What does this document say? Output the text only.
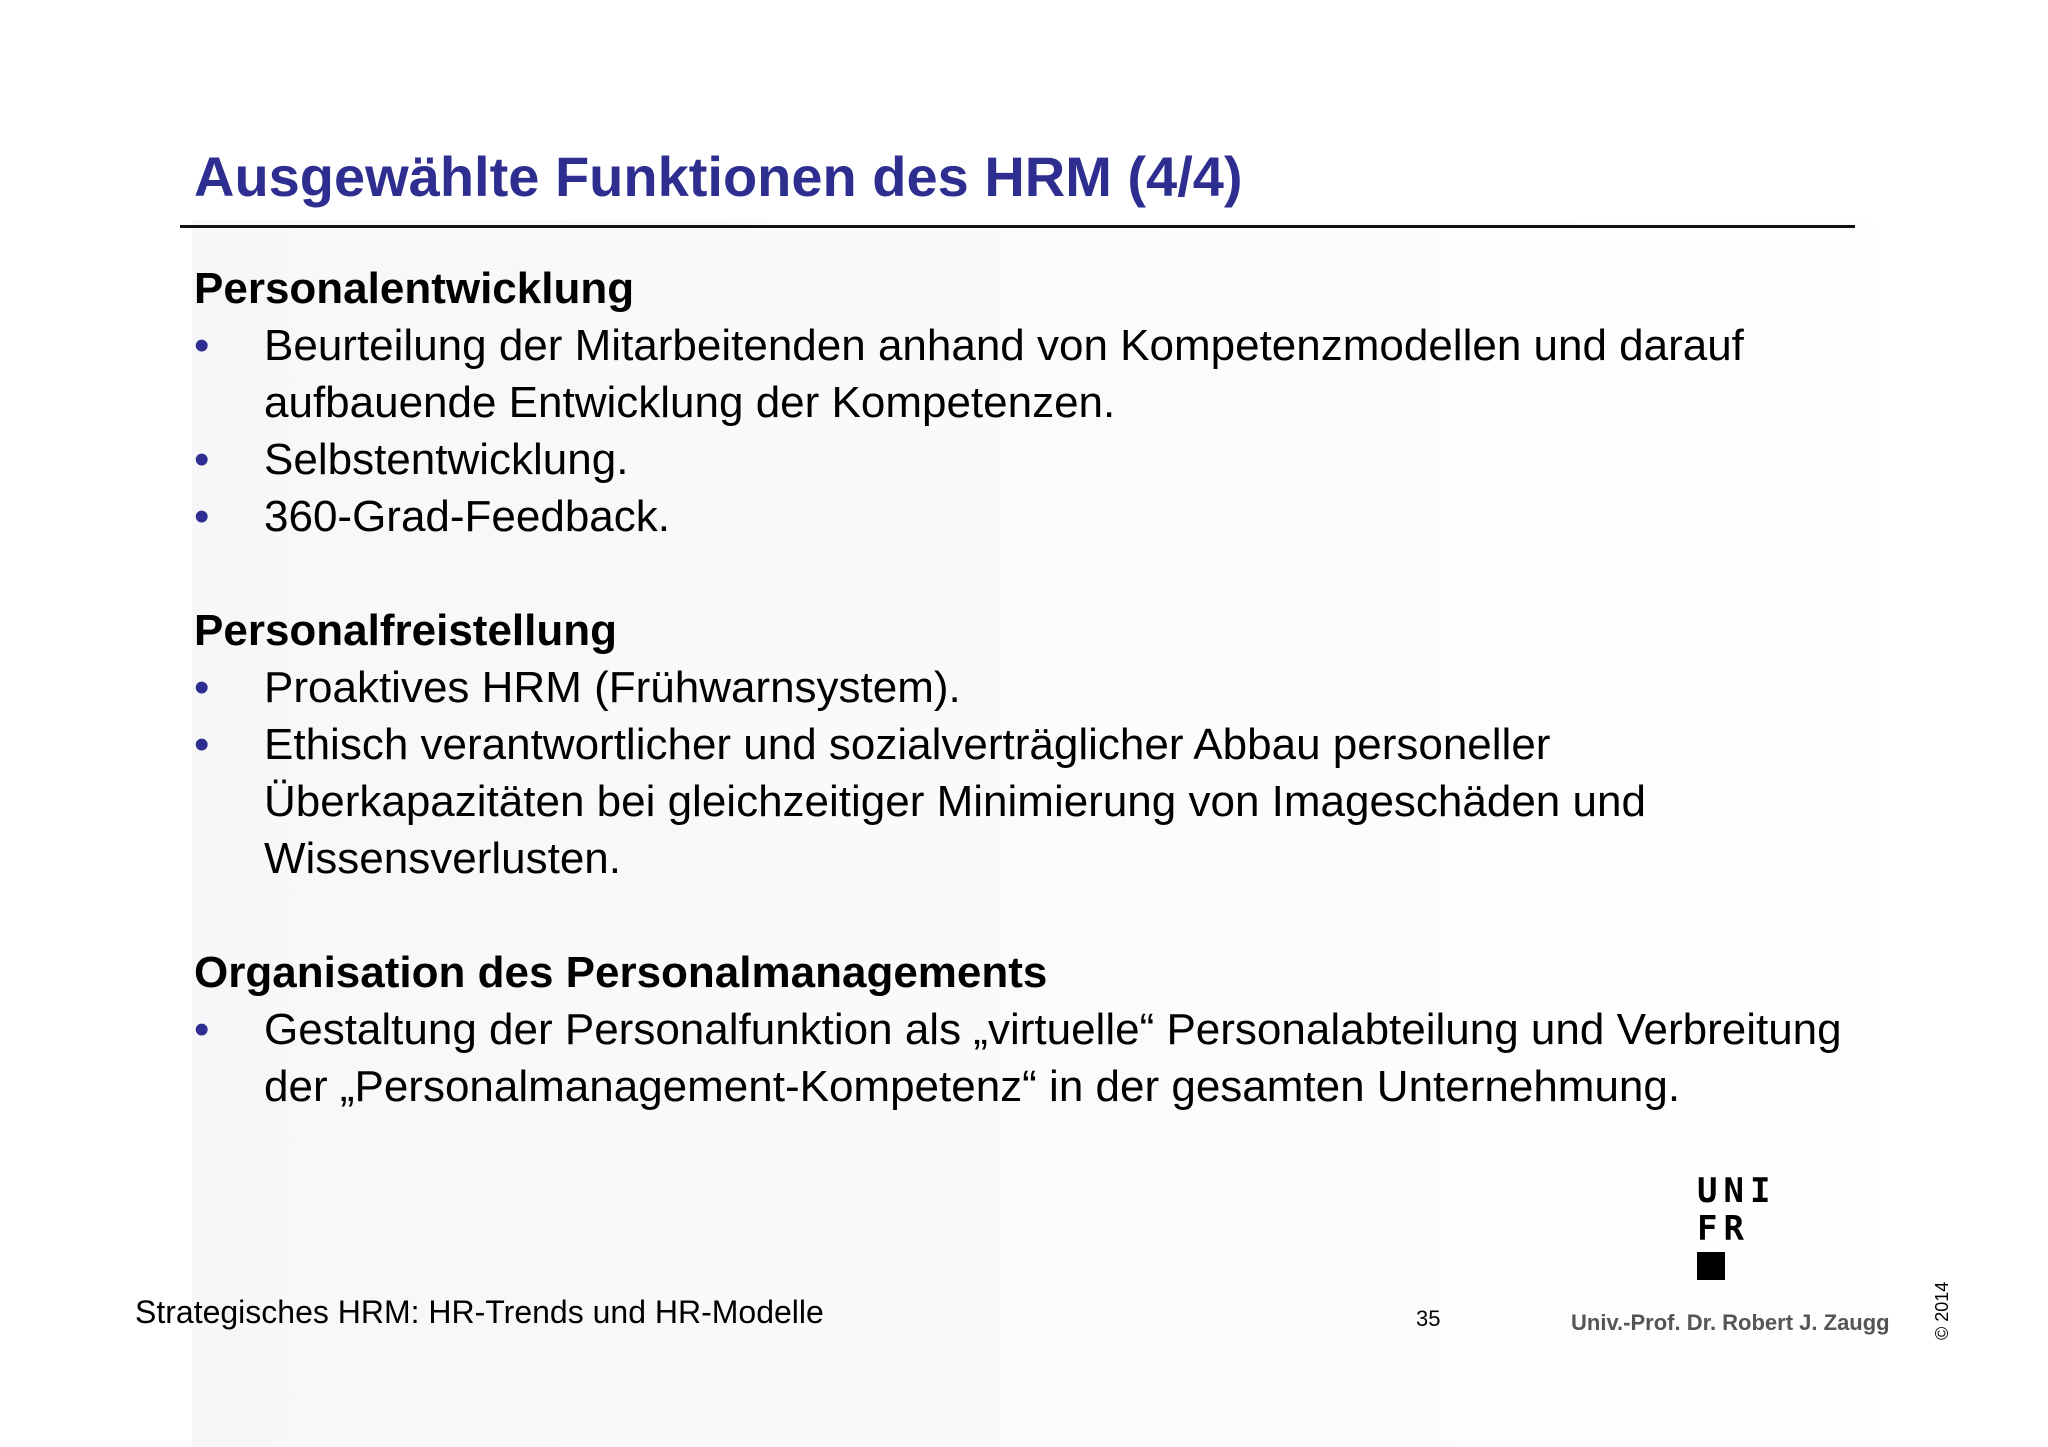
Ausgewählte Funktionen des HRM (4/4)
Personalentwicklung
• Beurteilung der Mitarbeitenden anhand von Kompetenzmodellen und darauf aufbauende Entwicklung der Kompetenzen.
• Selbstentwicklung.
• 360-Grad-Feedback.
Personalfreistellung
• Proaktives HRM (Frühwarnsystem).
• Ethisch verantwortlicher und sozialverträglicher Abbau personeller Überkapazitäten bei gleichzeitiger Minimierung von Imageschäden und Wissensverlusten.
Organisation des Personalmanagements
• Gestaltung der Personalfunktion als „virtuelle“ Personalabteilung und Verbreitung der „Personalmanagement-Kompetenz“ in der gesamten Unternehmung.
UNI
FR
Strategisches HRM: HR-Trends und HR-Modelle	35	Univ.-Prof. Dr. Robert J. Zaugg © 2014
